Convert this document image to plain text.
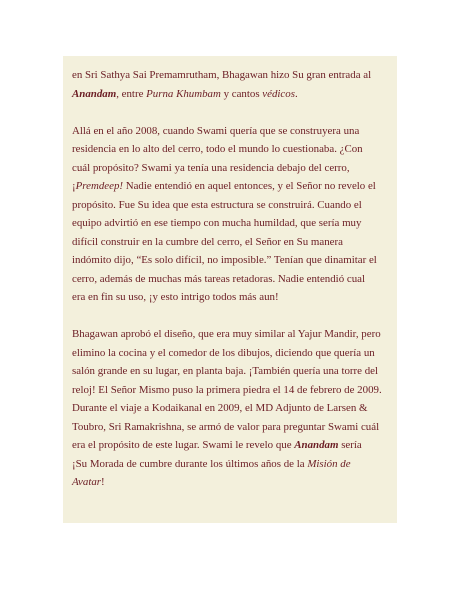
en Sri Sathya Sai Premamrutham, Bhagawan hizo Su gran entrada al
Anandam, entre Purna Khumbam y cantos védicos.
Allá en el año 2008, cuando Swami quería que se construyera una
residencia en lo alto del cerro, todo el mundo lo cuestionaba. ¿Con
cuál propósito? Swami ya tenía una residencia debajo del cerro,
¡Premdeep! Nadie entendió en aquel entonces, y el Señor no revelo el
propósito. Fue Su idea que esta estructura se construirá. Cuando el
equipo advirtió en ese tiempo con mucha humildad, que sería muy
difícil construir en la cumbre del cerro, el Señor en Su manera
indómito dijo, “Es solo difícil, no imposible.” Tenían que dinamitar el
cerro, además de muchas más tareas retadoras. Nadie entendió cual
era en fin su uso, ¡y esto intrigo todos más aun!
Bhagawan aprobó el diseño, que era muy similar al Yajur Mandir, pero
elimino la cocina y el comedor de los dibujos, diciendo que quería un
salón grande en su lugar, en planta baja. ¡También quería una torre del
reloj! El Señor Mismo puso la primera piedra el 14 de febrero de 2009.
Durante el viaje a Kodaikanal en 2009, el MD Adjunto de Larsen &
Toubro, Sri Ramakrishna, se armó de valor para preguntar Swami cuál
era el propósito de este lugar. Swami le revelo que Anandam sería
¡Su Morada de cumbre durante los últimos años de la Misión de
Avatar!
